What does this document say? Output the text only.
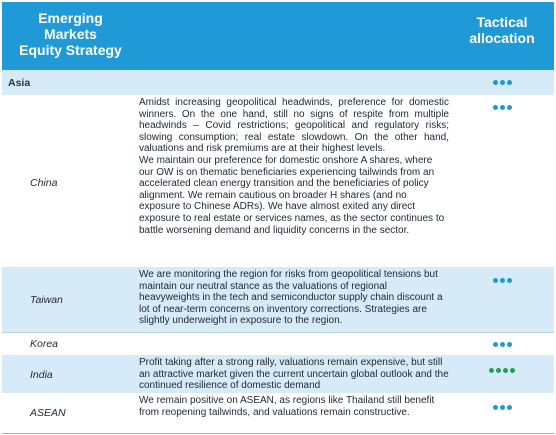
Emerging
Markets
Equity Strategy
Tactical
allocation
Asia
China

Amidst increasing geopolitical headwinds, preference for domestic winners. On the one hand, still no signs of respite from multiple headwinds – Covid restrictions; geopolitical and regulatory risks; slowing consumption; real estate slowdown. On the other hand, valuations and risk premiums are at their highest levels.

We maintain our preference for domestic onshore A shares, where our OW is on thematic beneficiaries experiencing tailwinds from an accelerated clean energy transition and the beneficiaries of policy alignment. We remain cautious on broader H shares (and no exposure to Chinese ADRs). We have almost exited any direct exposure to real estate or services names, as the sector continues to battle worsening demand and liquidity concerns in the sector.

Taiwan

We are monitoring the region for risks from geopolitical tensions but maintain our neutral stance as the valuations of regional heavyweights in the tech and semiconductor supply chain discount a lot of near-term concerns on inventory corrections. Strategies are slightly underweight in exposure to the region.

Korea
India

Profit taking after a strong rally, valuations remain expensive, but still an attractive market given the current uncertain global outlook and the continued resilience of domestic demand

ASEAN

We remain positive on ASEAN, as regions like Thailand still benefit from reopening tailwinds, and valuations remain constructive.
